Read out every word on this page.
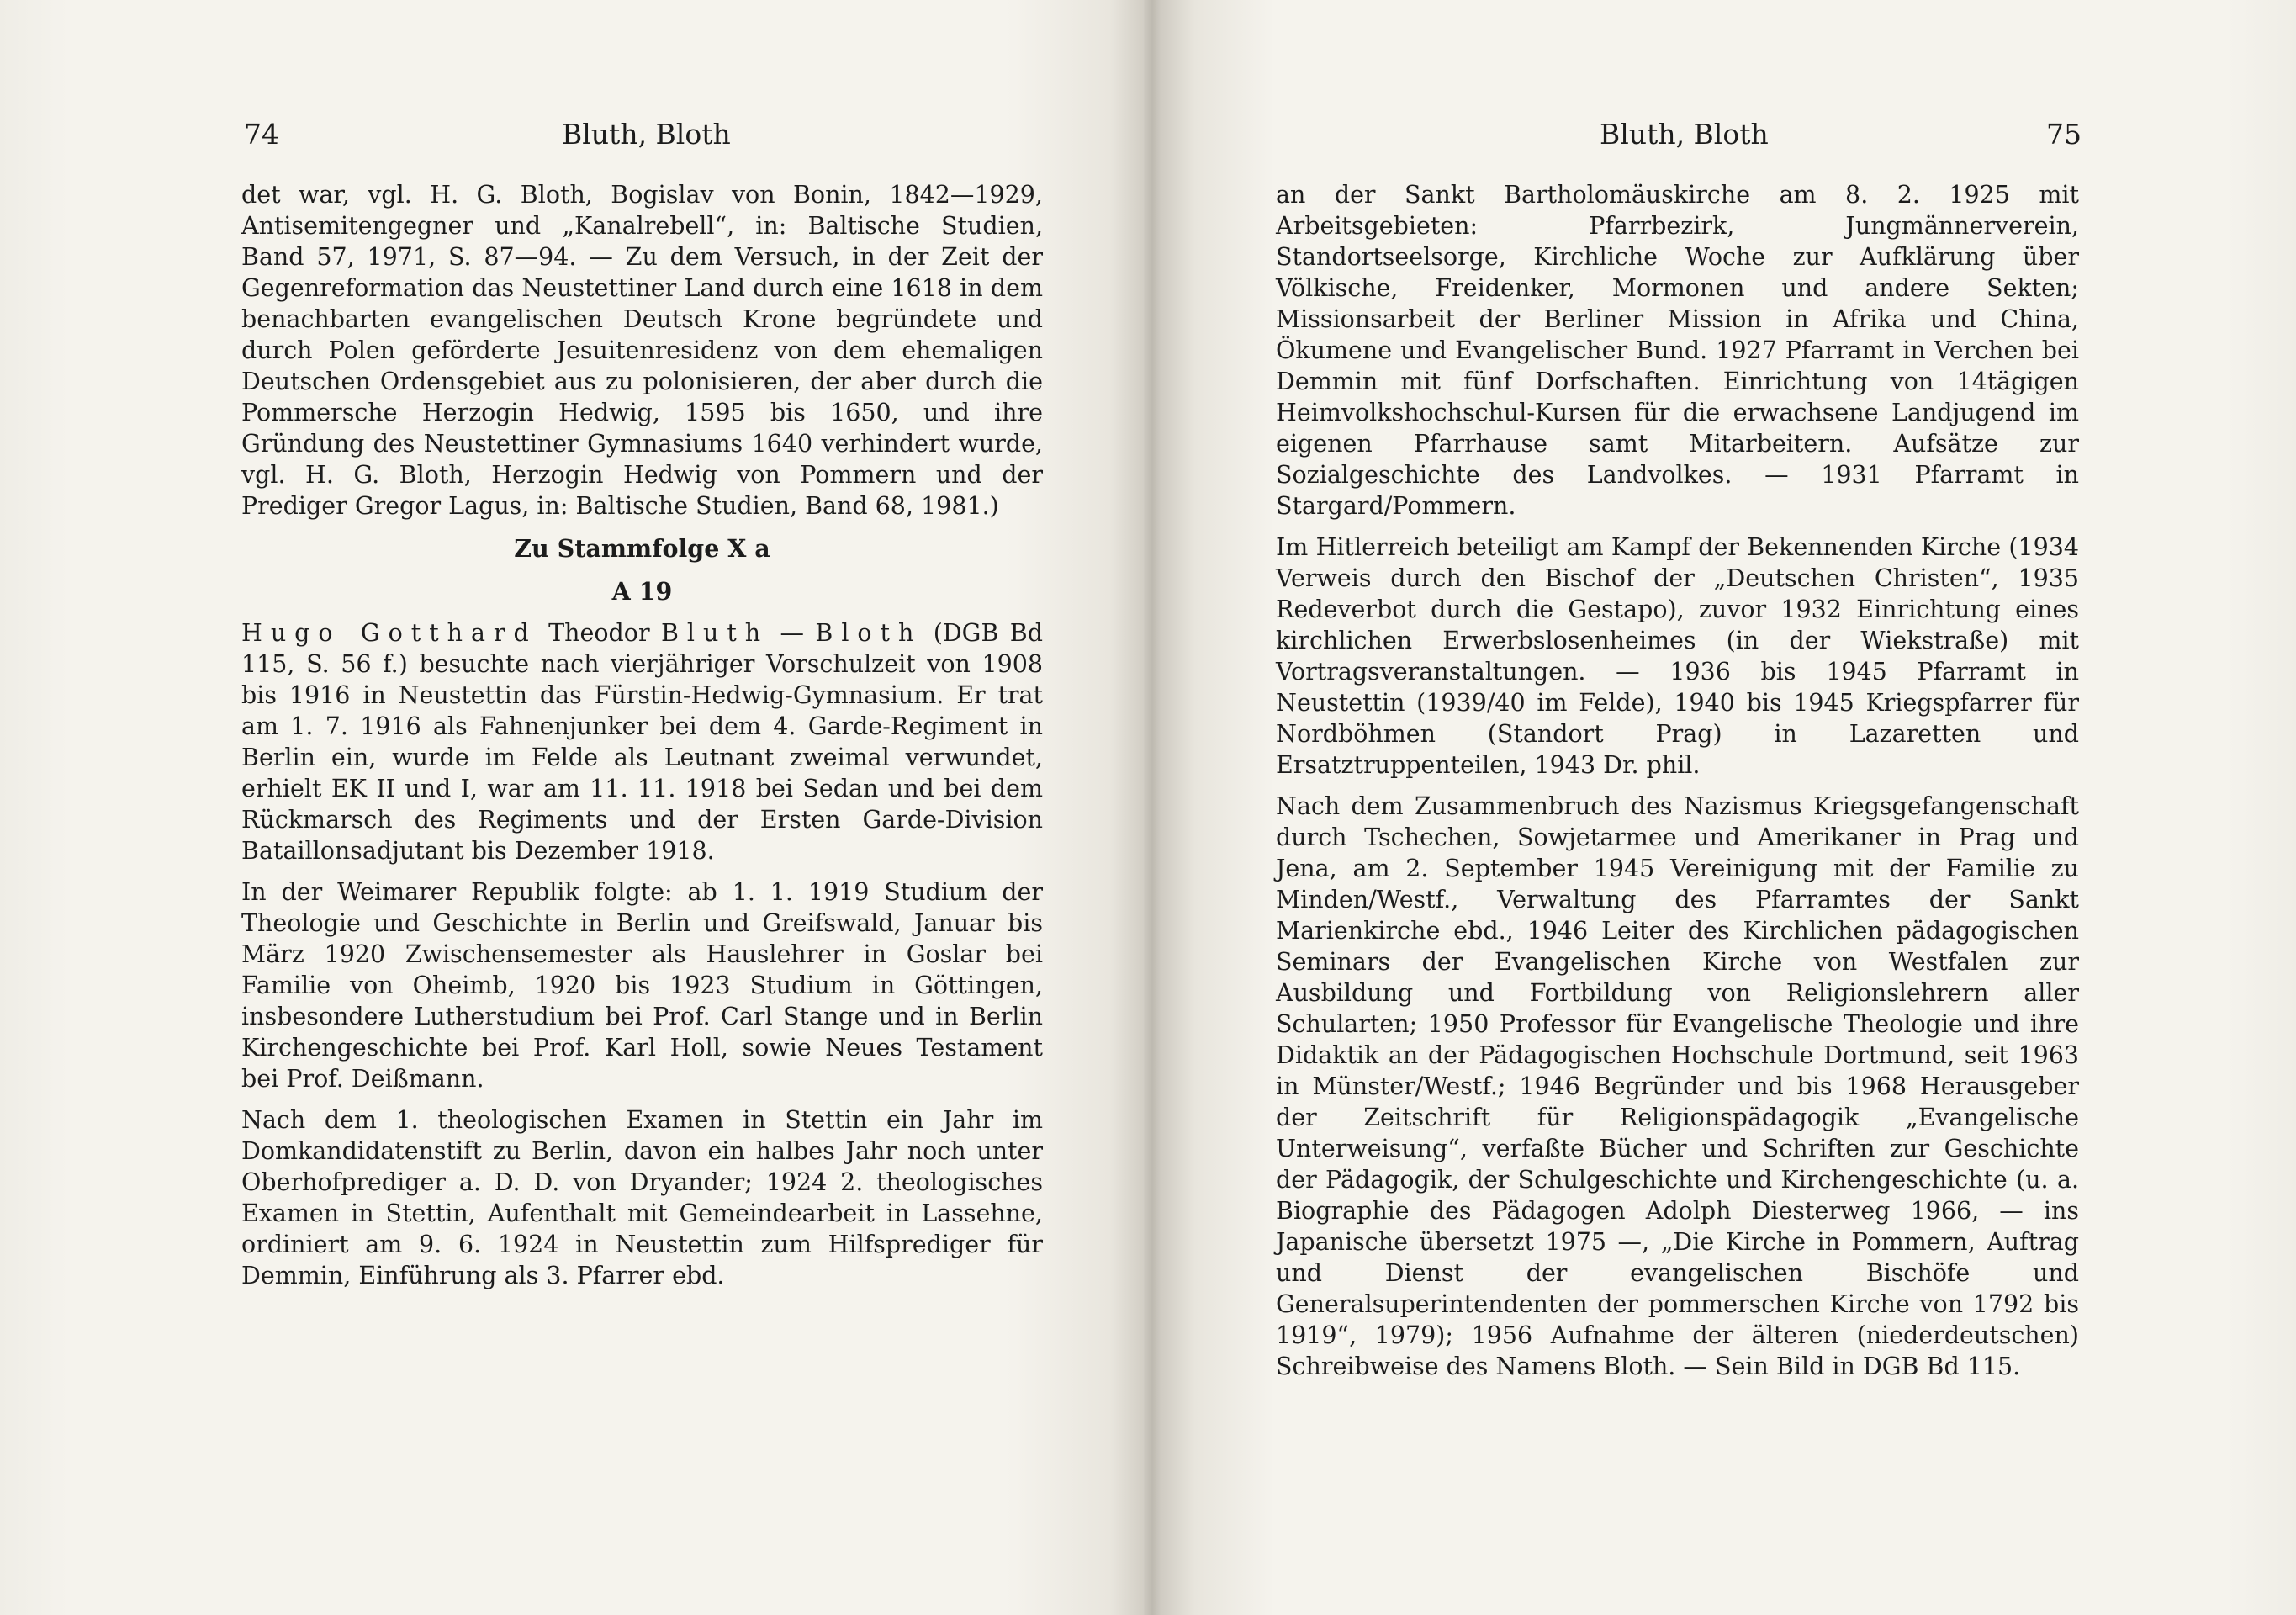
74	Bluth, Bloth

det war, vgl. H. G. Bloth, Bogislav von Bonin, 1842—1929, Antisemitengegner und „Kanalrebell“, in: Baltische Studien, Band 57, 1971, S. 87—94. — Zu dem Versuch, in der Zeit der Gegenreformation das Neustettiner Land durch eine 1618 in dem benachbarten evangelischen Deutsch Krone begründete und durch Polen geförderte Jesuitenresidenz von dem ehemaligen Deutschen Ordensgebiet aus zu polonisieren, der aber durch die Pommersche Herzogin Hedwig, 1595 bis 1650, und ihre Gründung des Neustettiner Gymnasiums 1640 verhindert wurde, vgl. H. G. Bloth, Herzogin Hedwig von Pommern und der Prediger Gregor Lagus, in: Baltische Studien, Band 68, 1981.)

Zu Stammfolge X a

A 19

Hugo Gotthard Theodor Bluth — Bloth (DGB Bd 115, S. 56 f.) besuchte nach vierjähriger Vorschulzeit von 1908 bis 1916 in Neustettin das Fürstin-Hedwig-Gymnasium. Er trat am 1. 7. 1916 als Fahnenjunker bei dem 4. Garde-Regiment in Berlin ein, wurde im Felde als Leutnant zweimal verwundet, erhielt EK II und I, war am 11. 11. 1918 bei Sedan und bei dem Rückmarsch des Regiments und der Ersten Garde-Division Bataillonsadjutant bis Dezember 1918.

In der Weimarer Republik folgte: ab 1. 1. 1919 Studium der Theologie und Geschichte in Berlin und Greifswald, Januar bis März 1920 Zwischensemester als Hauslehrer in Goslar bei Familie von Oheimb, 1920 bis 1923 Studium in Göttingen, insbesondere Lutherstudium bei Prof. Carl Stange und in Berlin Kirchengeschichte bei Prof. Karl Holl, sowie Neues Testament bei Prof. Deißmann.

Nach dem 1. theologischen Examen in Stettin ein Jahr im Domkandidatenstift zu Berlin, davon ein halbes Jahr noch unter Oberhofprediger a. D. D. von Dryander; 1924 2. theologisches Examen in Stettin, Aufenthalt mit Gemeindearbeit in Lassehne, ordiniert am 9. 6. 1924 in Neustettin zum Hilfsprediger für Demmin, Einführung als 3. Pfarrer ebd.

Bluth, Bloth	75

an der Sankt Bartholomäuskirche am 8. 2. 1925 mit Arbeitsgebieten: Pfarrbezirk, Jungmännerverein, Standortseelsorge, Kirchliche Woche zur Aufklärung über Völkische, Freidenker, Mormonen und andere Sekten; Missionsarbeit der Berliner Mission in Afrika und China, Ökumene und Evangelischer Bund. 1927 Pfarramt in Verchen bei Demmin mit fünf Dorfschaften. Einrichtung von 14tägigen Heimvolkshochschul-Kursen für die erwachsene Landjugend im eigenen Pfarrhause samt Mitarbeitern. Aufsätze zur Sozialgeschichte des Landvolkes. — 1931 Pfarramt in Stargard/Pommern.

Im Hitlerreich beteiligt am Kampf der Bekennenden Kirche (1934 Verweis durch den Bischof der „Deutschen Christen“, 1935 Redeverbot durch die Gestapo), zuvor 1932 Einrichtung eines kirchlichen Erwerbslosenheimes (in der Wiekstraße) mit Vortragsveranstaltungen. — 1936 bis 1945 Pfarramt in Neustettin (1939/40 im Felde), 1940 bis 1945 Kriegspfarrer für Nordböhmen (Standort Prag) in Lazaretten und Ersatztruppenteilen, 1943 Dr. phil.

Nach dem Zusammenbruch des Nazismus Kriegsgefangenschaft durch Tschechen, Sowjetarmee und Amerikaner in Prag und Jena, am 2. September 1945 Vereinigung mit der Familie zu Minden/Westf., Verwaltung des Pfarramtes der Sankt Marienkirche ebd., 1946 Leiter des Kirchlichen pädagogischen Seminars der Evangelischen Kirche von Westfalen zur Ausbildung und Fortbildung von Religionslehrern aller Schularten; 1950 Professor für Evangelische Theologie und ihre Didaktik an der Pädagogischen Hochschule Dortmund, seit 1963 in Münster/Westf.; 1946 Begründer und bis 1968 Herausgeber der Zeitschrift für Religionspädagogik „Evangelische Unterweisung“, verfaßte Bücher und Schriften zur Geschichte der Pädagogik, der Schulgeschichte und Kirchengeschichte (u. a. Biographie des Pädagogen Adolph Diesterweg 1966, — ins Japanische übersetzt 1975 —, „Die Kirche in Pommern, Auftrag und Dienst der evangelischen Bischöfe und Generalsuperintendenten der pommerschen Kirche von 1792 bis 1919“, 1979); 1956 Aufnahme der älteren (niederdeutschen) Schreibweise des Namens Bloth. — Sein Bild in DGB Bd 115.
